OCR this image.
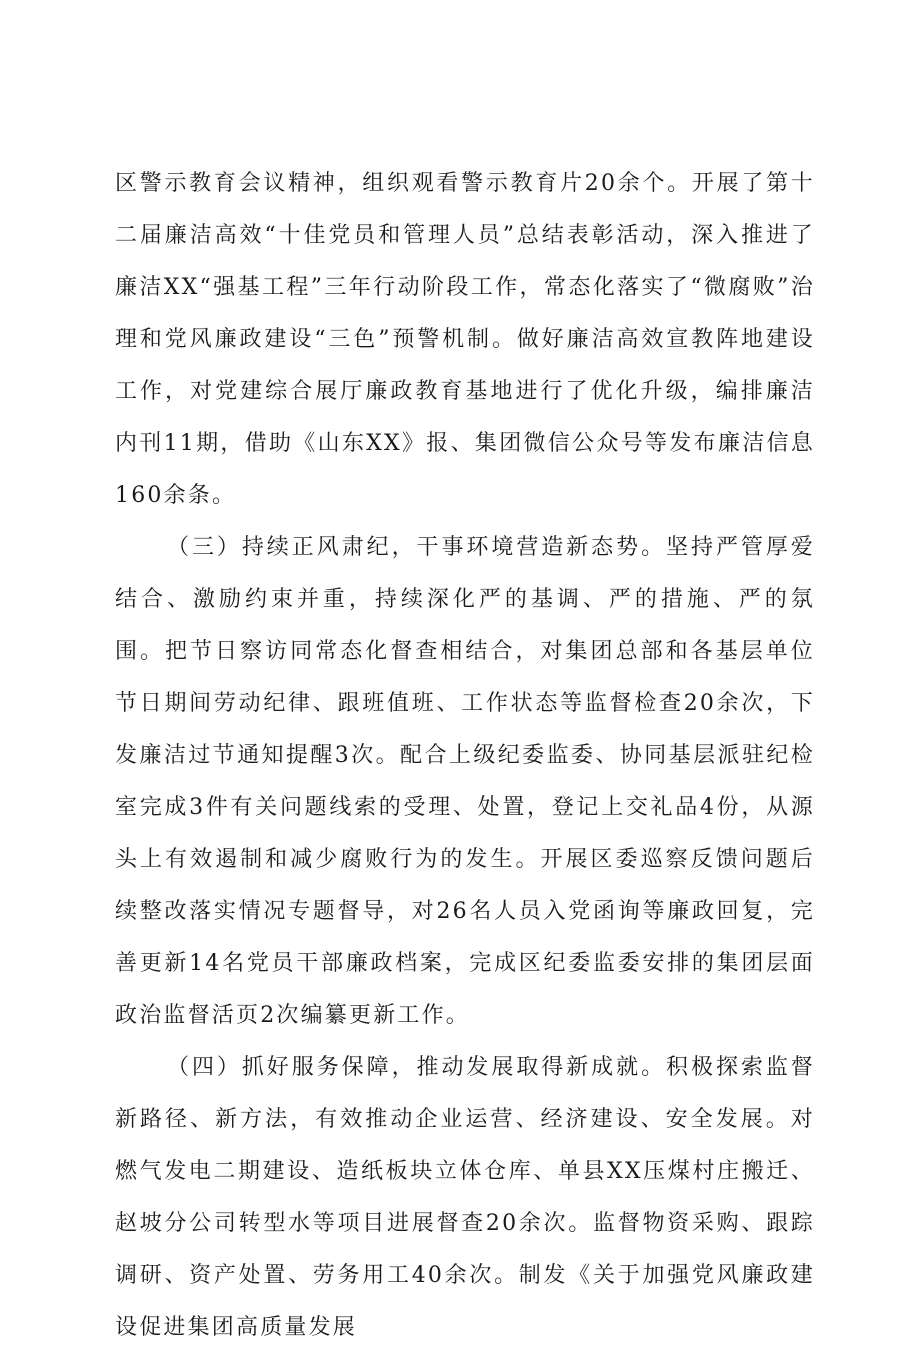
区警示教育会议精神，组织观看警示教育片20余个。开展了第十二届廉洁高效“十佳党员和管理人员”总结表彰活动，深入推进了廉洁XX“强基工程”三年行动阶段工作，常态化落实了“微腐败”治理和党风廉政建设“三色”预警机制。做好廉洁高效宣教阵地建设工作，对党建综合展厅廉政教育基地进行了优化升级，编排廉洁内刊11期，借助《山东XX》报、集团微信公众号等发布廉洁信息160余条。

（三）持续正风肃纪，干事环境营造新态势。坚持严管厚爱结合、激励约束并重，持续深化严的基调、严的措施、严的氛围。把节日察访同常态化督查相结合，对集团总部和各基层单位节日期间劳动纪律、跟班值班、工作状态等监督检查20余次，下发廉洁过节通知提醒3次。配合上级纪委监委、协同基层派驻纪检室完成3件有关问题线索的受理、处置，登记上交礼品4份，从源头上有效遏制和减少腐败行为的发生。开展区委巡察反馈问题后续整改落实情况专题督导，对26名人员入党函询等廉政回复，完善更新14名党员干部廉政档案，完成区纪委监委安排的集团层面政治监督活页2次编纂更新工作。

（四）抓好服务保障，推动发展取得新成就。积极探索监督新路径、新方法，有效推动企业运营、经济建设、安全发展。对燃气发电二期建设、造纸板块立体仓库、单县XX压煤村庄搬迁、赵坡分公司转型水等项目进展督查20余次。监督物资采购、跟踪调研、资产处置、劳务用工40余次。制发《关于加强党风廉政建设促进集团高质量发展
